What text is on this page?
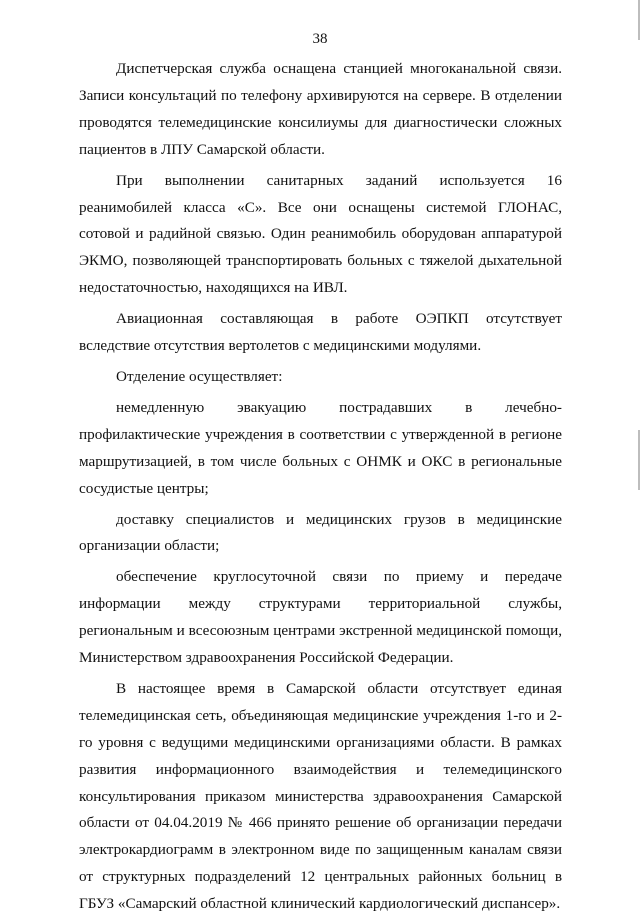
38

Диспетчерская служба оснащена станцией многоканальной связи. Записи консультаций по телефону архивируются на сервере. В отделении проводятся телемедицинские консилиумы для диагностически сложных пациентов в ЛПУ Самарской области.

При выполнении санитарных заданий используется 16 реанимобилей класса «С». Все они оснащены системой ГЛОНАС, сотовой и радийной связью. Один реанимобиль оборудован аппаратурой ЭКМО, позволяющей транспортировать больных с тяжелой дыхательной недостаточностью, находящихся на ИВЛ.

Авиационная составляющая в работе ОЭПКП отсутствует вследствие отсутствия вертолетов с медицинскими модулями.

Отделение осуществляет:

немедленную эвакуацию пострадавших в лечебно-профилактические учреждения в соответствии с утвержденной в регионе маршрутизацией, в том числе больных с ОНМК и ОКС в региональные сосудистые центры;

доставку специалистов и медицинских грузов в медицинские организации области;

обеспечение круглосуточной связи по приему и передаче информации между структурами территориальной службы, региональным и всесоюзным центрами экстренной медицинской помощи, Министерством здравоохранения Российской Федерации.

В настоящее время в Самарской области отсутствует единая телемедицинская сеть, объединяющая медицинские учреждения 1-го и 2-го уровня с ведущими медицинскими организациями области. В рамках развития информационного взаимодействия и телемедицинского консультирования приказом министерства здравоохранения Самарской области от 04.04.2019 № 466 принято решение об организации передачи электрокардиограмм в электронном виде по защищенным каналам связи от структурных подразделений 12 центральных районных больниц в ГБУЗ «Самарский областной клинический кардиологический диспансер».
